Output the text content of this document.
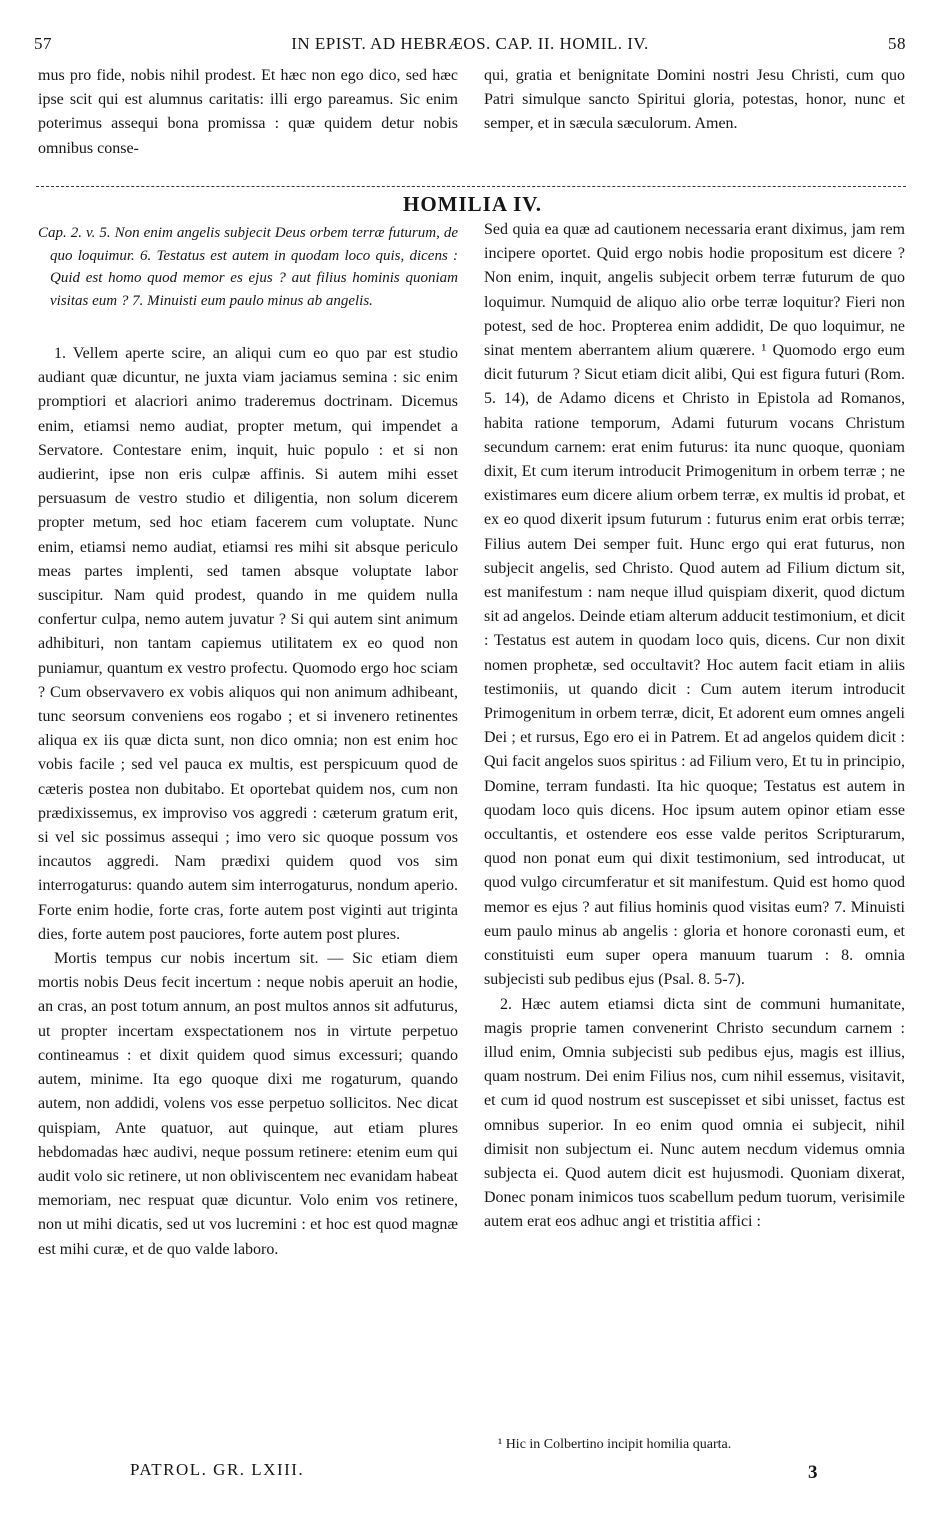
57	IN EPIST. AD HEBRÆOS. CAP. II. HOMIL. IV.	58

mus pro fide, nobis nihil prodest. Et hæc non ego dico, sed hæc ipse scit qui est alumnus caritatis: illi ergo pareamus. Sic enim poterimus assequi bona promissa : quæ quidem detur nobis omnibus conse-

qui, gratia et benignitate Domini nostri Jesu Christi, cum quo Patri simulque sancto Spiritui gloria, potestas, honor, nunc et semper, et in sæcula sæculorum. Amen.

HOMILIA IV.

Cap. 2. v. 5. Non enim angelis subjecit Deus orbem terræ futurum, de quo loquimur. 6. Testatus est autem in quodam loco quis, dicens : Quid est homo quod memor es ejus ? aut filius hominis quoniam visitas eum ? 7. Minuisti eum paulo minus ab angelis.

1. Vellem aperte scire, an aliqui cum eo quo par est studio audiant quæ dicuntur, ne juxta viam jaciamus semina : sic enim promptiori et alacriori animo traderemus doctrinam. Dicemus enim, etiamsi nemo audiat, propter metum, qui impendet a Servatore. Contestare enim, inquit, huic populo : et si non audierint, ipse non eris culpæ affinis. Si autem mihi esset persuasum de vestro studio et diligentia, non solum dicerem propter metum, sed hoc etiam facerem cum voluptate. Nunc enim, etiamsi nemo audiat, etiamsi res mihi sit absque periculo meas partes implenti, sed tamen absque voluptate labor suscipitur. Nam quid prodest, quando in me quidem nulla confertur culpa, nemo autem juvatur ? Si qui autem sint animum adhibituri, non tantam capiemus utilitatem ex eo quod non puniamur, quantum ex vestro profectu. Quomodo ergo hoc sciam ? Cum observavero ex vobis aliquos qui non animum adhibeant, tunc seorsum conveniens eos rogabo ; et si invenero retinentes aliqua ex iis quæ dicta sunt, non dico omnia; non est enim hoc vobis facile ; sed vel pauca ex multis, est perspicuum quod de cæteris postea non dubitabo. Et oportebat quidem nos, cum non prædixissemus, ex improviso vos aggredi : cæterum gratum erit, si vel sic possimus assequi ; imo vero sic quoque possum vos incautos aggredi. Nam prædixi quidem quod vos sim interrogaturus: quando autem sim interrogaturus, nondum aperio. Forte enim hodie, forte cras, forte autem post viginti aut triginta dies, forte autem post pauciores, forte autem post plures.

Mortis tempus cur nobis incertum sit. — Sic etiam diem mortis nobis Deus fecit incertum : neque nobis aperuit an hodie, an cras, an post totum annum, an post multos annos sit adfuturus, ut propter incertam exspectationem nos in virtute perpetuo contineamus : et dixit quidem quod simus excessuri; quando autem, minime. Ita ego quoque dixi me rogaturum, quando autem, non addidi, volens vos esse perpetuo sollicitos. Nec dicat quispiam, Ante quatuor, aut quinque, aut etiam plures hebdomadas hæc audivi, neque possum retinere: etenim eum qui audit volo sic retinere, ut non obliviscentem nec evanidam habeat memoriam, nec respuat quæ dicuntur. Volo enim vos retinere, non ut mihi dicatis, sed ut vos lucremini : et hoc est quod magnæ est mihi curæ, et de quo valde laboro.

Sed quia ea quæ ad cautionem necessaria erant diximus, jam rem incipere oportet. Quid ergo nobis hodie propositum est dicere ? Non enim, inquit, angelis subjecit orbem terræ futurum de quo loquimur. Numquid de aliquo alio orbe terræ loquitur? Fieri non potest, sed de hoc. Propterea enim addidit, De quo loquimur, ne sinat mentem aberrantem alium quærere. ¹ Quomodo ergo eum dicit futurum ? Sicut etiam dicit alibi, Qui est figura futuri (Rom. 5. 14), de Adamo dicens et Christo in Epistola ad Romanos, habita ratione temporum, Adami futurum vocans Christum secundum carnem: erat enim futurus: ita nunc quoque, quoniam dixit, Et cum iterum introducit Primogenitum in orbem terræ ; ne existimares eum dicere alium orbem terræ, ex multis id probat, et ex eo quod dixerit ipsum futurum : futurus enim erat orbis terræ; Filius autem Dei semper fuit. Hunc ergo qui erat futurus, non subjecit angelis, sed Christo. Quod autem ad Filium dictum sit, est manifestum : nam neque illud quispiam dixerit, quod dictum sit ad angelos. Deinde etiam alterum adducit testimonium, et dicit : Testatus est autem in quodam loco quis, dicens. Cur non dixit nomen prophetæ, sed occultavit? Hoc autem facit etiam in aliis testimoniis, ut quando dicit : Cum autem iterum introducit Primogenitum in orbem terræ, dicit, Et adorent eum omnes angeli Dei ; et rursus, Ego ero ei in Patrem. Et ad angelos quidem dicit : Qui facit angelos suos spiritus : ad Filium vero, Et tu in principio, Domine, terram fundasti. Ita hic quoque; Testatus est autem in quodam loco quis dicens. Hoc ipsum autem opinor etiam esse occultantis, et ostendere eos esse valde peritos Scripturarum, quod non ponat eum qui dixit testimonium, sed introducat, ut quod vulgo circumferatur et sit manifestum. Quid est homo quod memor es ejus ? aut filius hominis quod visitas eum? 7. Minuisti eum paulo minus ab angelis : gloria et honore coronasti eum, et constituisti eum super opera manuum tuarum : 8. omnia subjecisti sub pedibus ejus (Psal. 8. 5-7).

2. Hæc autem etiamsi dicta sint de communi humanitate, magis proprie tamen convenerint Christo secundum carnem : illud enim, Omnia subjecisti sub pedibus ejus, magis est illius, quam nostrum. Dei enim Filius nos, cum nihil essemus, visitavit, et cum id quod nostrum est suscepisset et sibi unisset, factus est omnibus superior. In eo enim quod omnia ei subjecit, nihil dimisit non subjectum ei. Nunc autem necdum videmus omnia subjecta ei. Quod autem dicit est hujusmodi. Quoniam dixerat, Donec ponam inimicos tuos scabellum pedum tuorum, verisimile autem erat eos adhuc angi et tristitia affici :

¹ Hic in Colbertino incipit homilia quarta.
PATROL. GR. LXIII.	3
